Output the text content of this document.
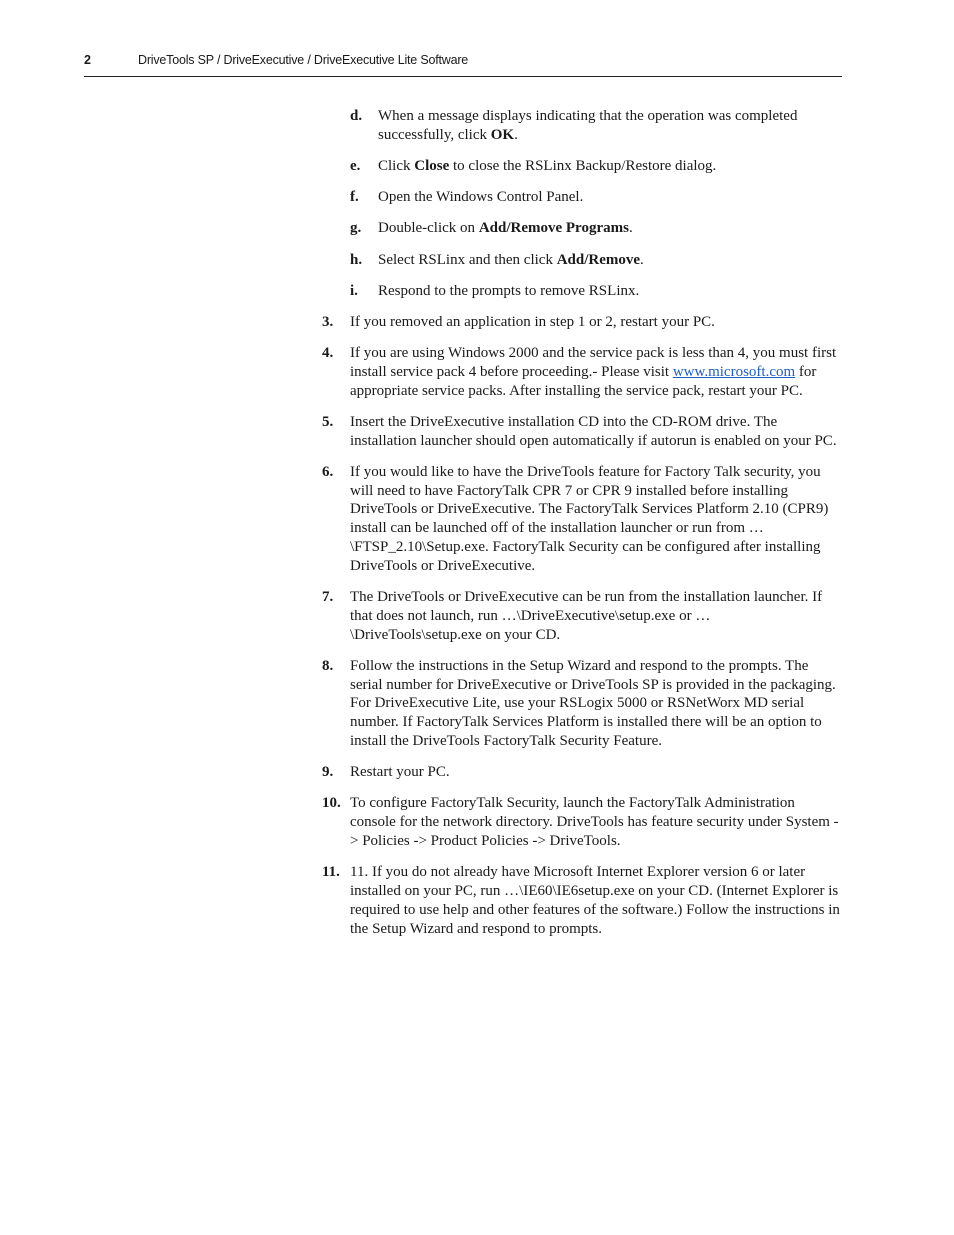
2	DriveTools SP / DriveExecutive / DriveExecutive Lite Software
d. When a message displays indicating that the operation was completed successfully, click OK.
e. Click Close to close the RSLinx Backup/Restore dialog.
f. Open the Windows Control Panel.
g. Double-click on Add/Remove Programs.
h. Select RSLinx and then click Add/Remove.
i. Respond to the prompts to remove RSLinx.
3. If you removed an application in step 1 or 2, restart your PC.
4. If you are using Windows 2000 and the service pack is less than 4, you must first install service pack 4 before proceeding.- Please visit www.microsoft.com for appropriate service packs. After installing the service pack, restart your PC.
5. Insert the DriveExecutive installation CD into the CD-ROM drive. The installation launcher should open automatically if autorun is enabled on your PC.
6. If you would like to have the DriveTools feature for Factory Talk security, you will need to have FactoryTalk CPR 7 or CPR 9 installed before installing DriveTools or DriveExecutive. The FactoryTalk Services Platform 2.10 (CPR9) install can be launched off of the installation launcher or run from …\FTSP_2.10\Setup.exe. FactoryTalk Security can be configured after installing DriveTools or DriveExecutive.
7. The DriveTools or DriveExecutive can be run from the installation launcher. If that does not launch, run …\DriveExecutive\setup.exe or …\DriveTools\setup.exe on your CD.
8. Follow the instructions in the Setup Wizard and respond to the prompts. The serial number for DriveExecutive or DriveTools SP is provided in the packaging. For DriveExecutive Lite, use your RSLogix 5000 or RSNetWorx MD serial number. If FactoryTalk Services Platform is installed there will be an option to install the DriveTools FactoryTalk Security Feature.
9. Restart your PC.
10. To configure FactoryTalk Security, launch the FactoryTalk Administration console for the network directory. DriveTools has feature security under System -> Policies -> Product Policies -> DriveTools.
11. 11. If you do not already have Microsoft Internet Explorer version 6 or later installed on your PC, run …\IE60\IE6setup.exe on your CD. (Internet Explorer is required to use help and other features of the software.) Follow the instructions in the Setup Wizard and respond to prompts.
